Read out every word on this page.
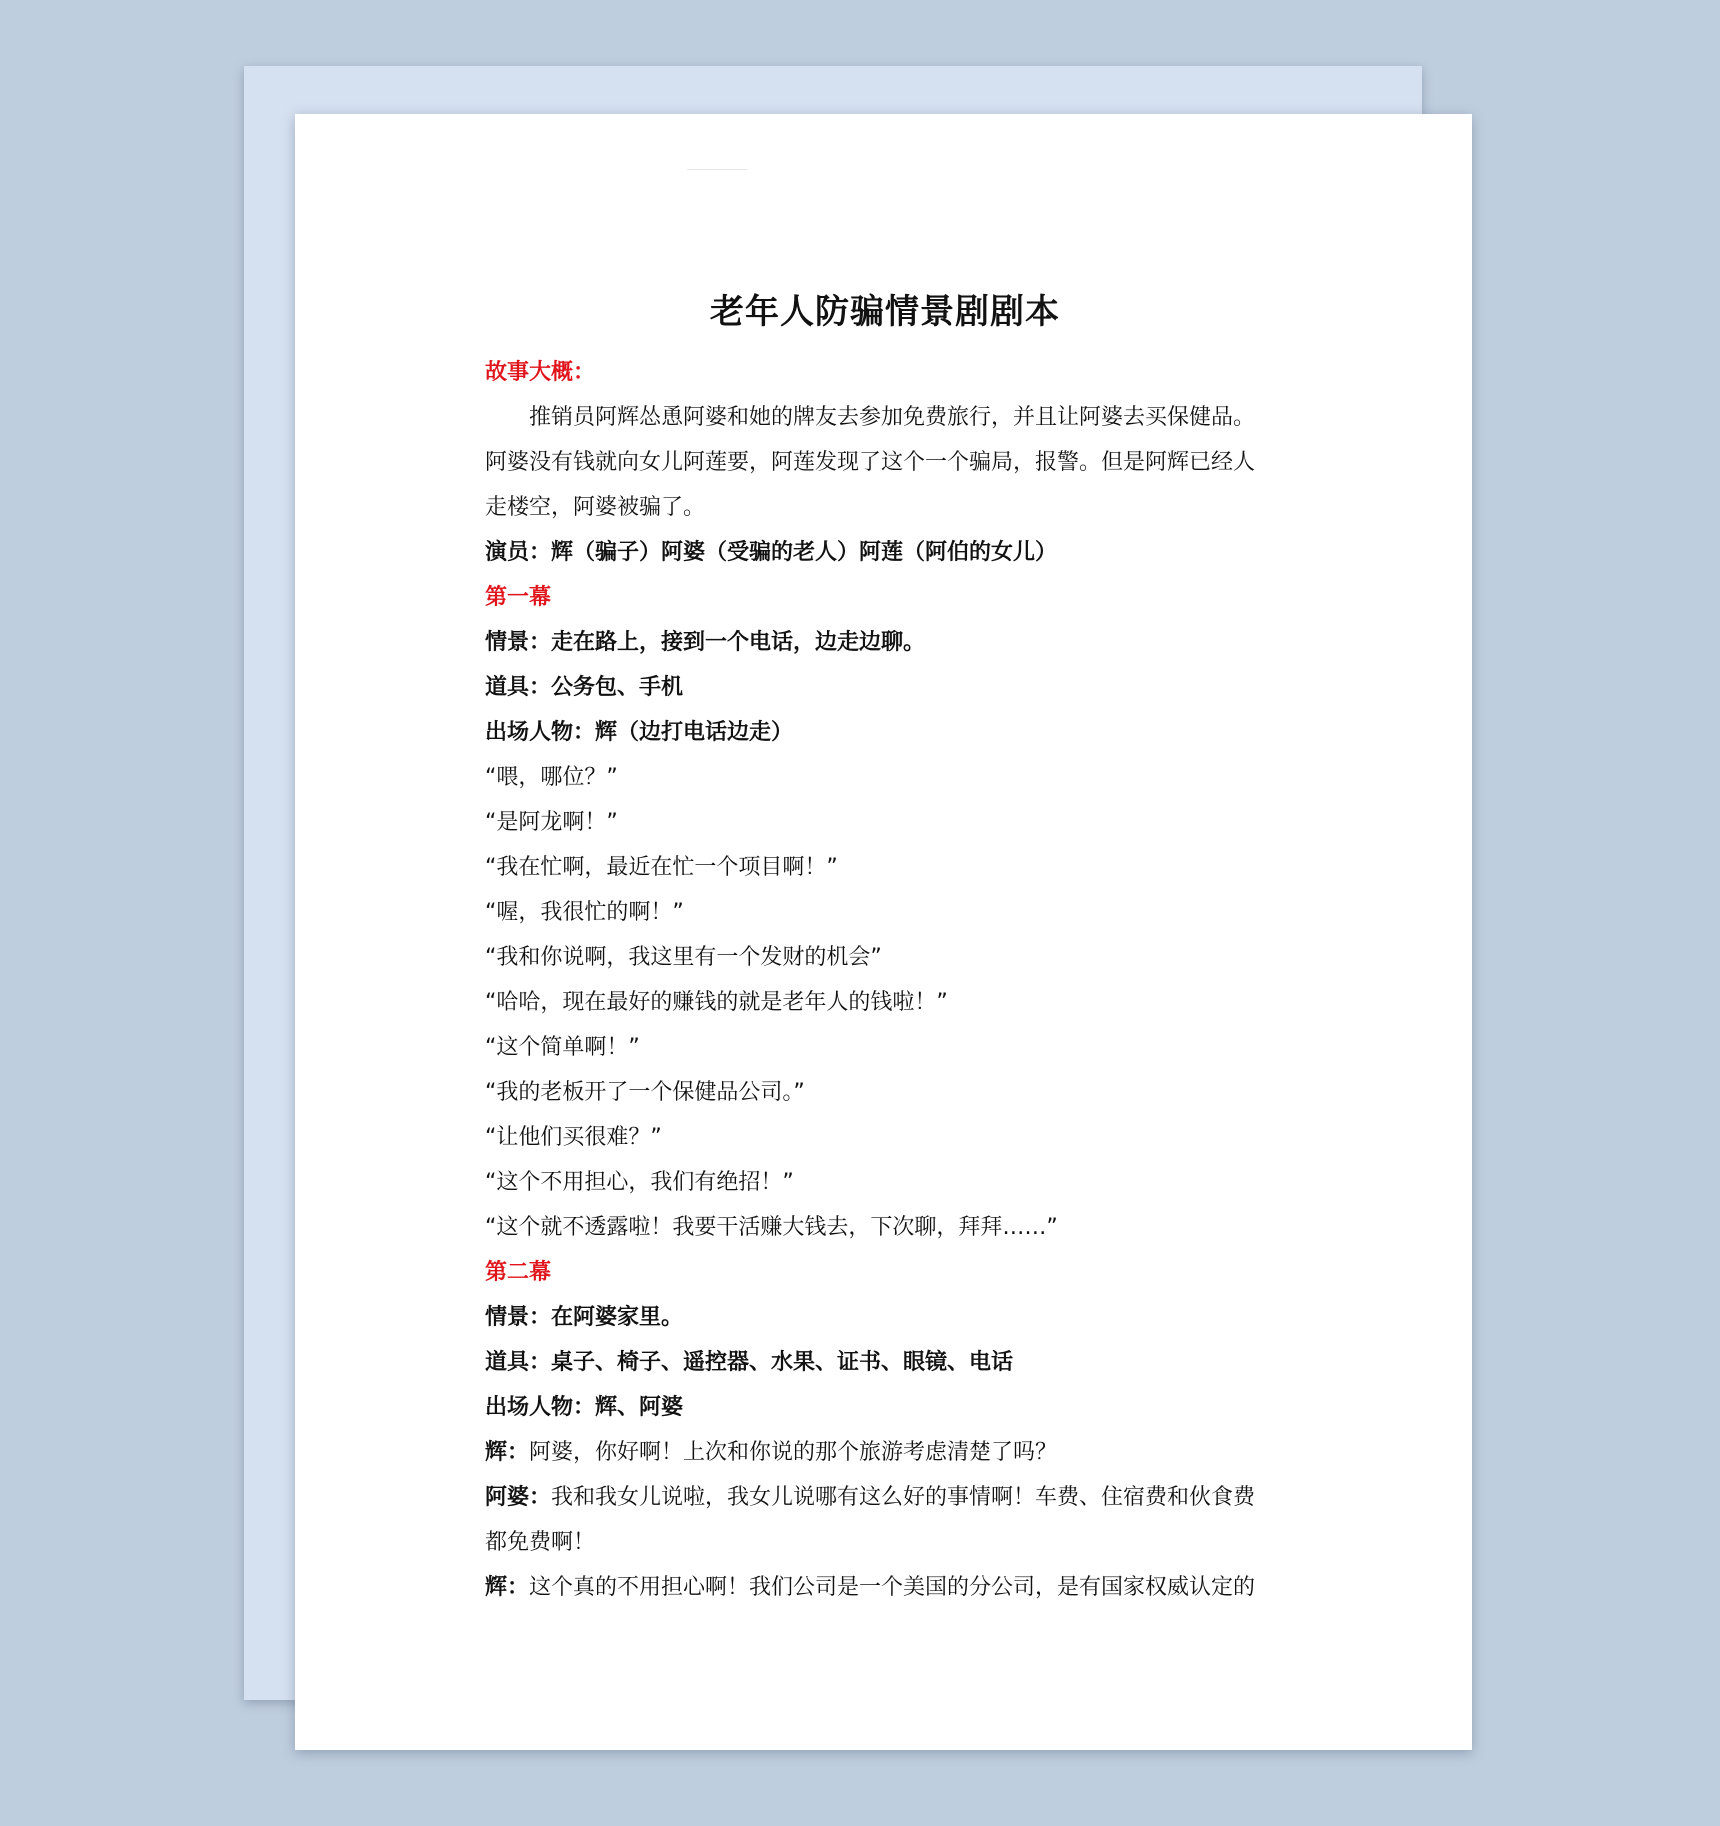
老年人防骗情景剧剧本
故事大概：
推销员阿辉怂恿阿婆和她的牌友去参加免费旅行，并且让阿婆去买保健品。
阿婆没有钱就向女儿阿莲要，阿莲发现了这个一个骗局，报警。但是阿辉已经人
走楼空，阿婆被骗了。
演员：辉（骗子）阿婆（受骗的老人）阿莲（阿伯的女儿）
第一幕
情景：走在路上，接到一个电话，边走边聊。
道具：公务包、手机
出场人物：辉（边打电话边走）
“喂，哪位？”
“是阿龙啊！”
“我在忙啊，最近在忙一个项目啊！”
“喔，我很忙的啊！”
“我和你说啊，我这里有一个发财的机会”
“哈哈，现在最好的赚钱的就是老年人的钱啦！”
“这个简单啊！”
“我的老板开了一个保健品公司。”
“让他们买很难？”
“这个不用担心，我们有绝招！”
“这个就不透露啦！我要干活赚大钱去，下次聊，拜拜……”
第二幕
情景：在阿婆家里。
道具：桌子、椅子、遥控器、水果、证书、眼镜、电话
出场人物：辉、阿婆
辉：阿婆，你好啊！上次和你说的那个旅游考虑清楚了吗？
阿婆：我和我女儿说啦，我女儿说哪有这么好的事情啊！车费、住宿费和伙食费
都免费啊！
辉：这个真的不用担心啊！我们公司是一个美国的分公司，是有国家权威认定的
